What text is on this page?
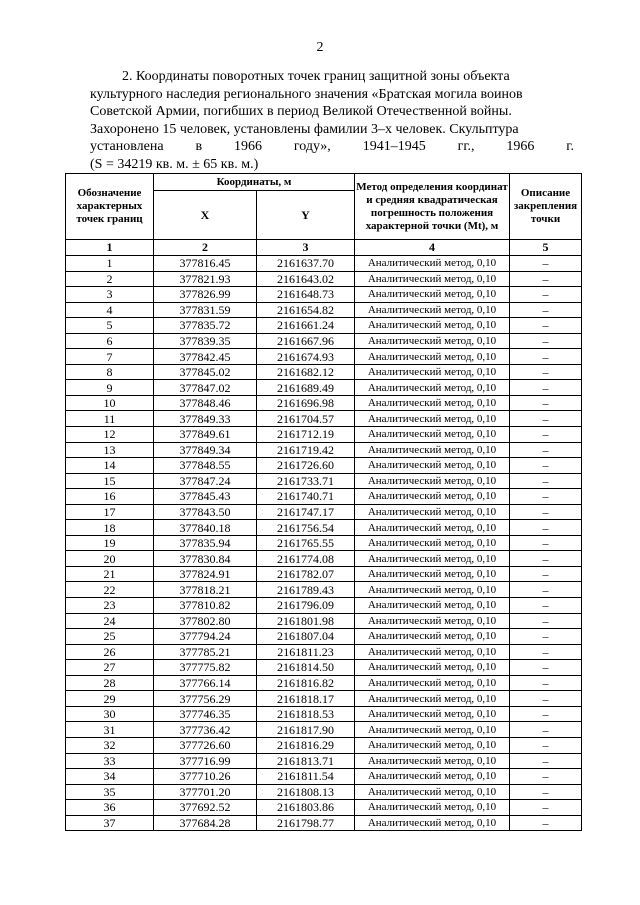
2
2. Координаты поворотных точек границ защитной зоны объекта
культурного наследия регионального значения «Братская могила воинов
Советской Армии, погибших в период Великой Отечественной войны.
Захоронено 15 человек, установлены фамилии 3–х человек. Скульптура
установлена в 1966 году», 1941–1945 гг., 1966 г.
(S = 34219 кв. м. ± 65 кв. м.)
Обозначение характерных точек границ	Координаты, м		Метод определения координат и средняя квадратическая погрешность положения характерной точки (Mt), м	Описание закрепления точки
	X	Y		
1	2	3	4	5
1	377816.45	2161637.70	Аналитический метод, 0,10	–
2	377821.93	2161643.02	Аналитический метод, 0,10	–
3	377826.99	2161648.73	Аналитический метод, 0,10	–
4	377831.59	2161654.82	Аналитический метод, 0,10	–
5	377835.72	2161661.24	Аналитический метод, 0,10	–
6	377839.35	2161667.96	Аналитический метод, 0,10	–
7	377842.45	2161674.93	Аналитический метод, 0,10	–
8	377845.02	2161682.12	Аналитический метод, 0,10	–
9	377847.02	2161689.49	Аналитический метод, 0,10	–
10	377848.46	2161696.98	Аналитический метод, 0,10	–
11	377849.33	2161704.57	Аналитический метод, 0,10	–
12	377849.61	2161712.19	Аналитический метод, 0,10	–
13	377849.34	2161719.42	Аналитический метод, 0,10	–
14	377848.55	2161726.60	Аналитический метод, 0,10	–
15	377847.24	2161733.71	Аналитический метод, 0,10	–
16	377845.43	2161740.71	Аналитический метод, 0,10	–
17	377843.50	2161747.17	Аналитический метод, 0,10	–
18	377840.18	2161756.54	Аналитический метод, 0,10	–
19	377835.94	2161765.55	Аналитический метод, 0,10	–
20	377830.84	2161774.08	Аналитический метод, 0,10	–
21	377824.91	2161782.07	Аналитический метод, 0,10	–
22	377818.21	2161789.43	Аналитический метод, 0,10	–
23	377810.82	2161796.09	Аналитический метод, 0,10	–
24	377802.80	2161801.98	Аналитический метод, 0,10	–
25	377794.24	2161807.04	Аналитический метод, 0,10	–
26	377785.21	2161811.23	Аналитический метод, 0,10	–
27	377775.82	2161814.50	Аналитический метод, 0,10	–
28	377766.14	2161816.82	Аналитический метод, 0,10	–
29	377756.29	2161818.17	Аналитический метод, 0,10	–
30	377746.35	2161818.53	Аналитический метод, 0,10	–
31	377736.42	2161817.90	Аналитический метод, 0,10	–
32	377726.60	2161816.29	Аналитический метод, 0,10	–
33	377716.99	2161813.71	Аналитический метод, 0,10	–
34	377710.26	2161811.54	Аналитический метод, 0,10	–
35	377701.20	2161808.13	Аналитический метод, 0,10	–
36	377692.52	2161803.86	Аналитический метод, 0,10	–
37	377684.28	2161798.77	Аналитический метод, 0,10	–
